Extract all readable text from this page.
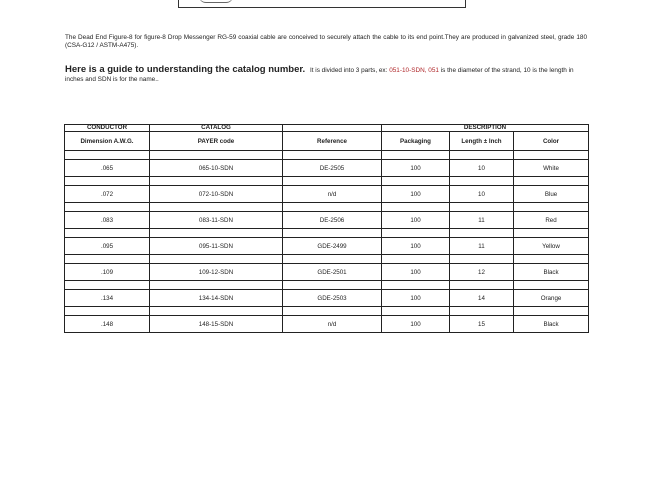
The Dead End Figure-8 for figure-8 Drop Messenger RG-59 coaxial cable are conceived to securely attach the cable to its end point.They are produced in galvanized steel, grade 180 (CSA-G12 / ASTM-A475).

Here is a guide to understanding the catalog number. It is divided into 3 parts, ex: 051-10-SDN, 051 is the diameter of the strand, 10 is the length in inches and SDN is for the name..

CONDUCTOR	CATALOG		DESCRIPTION		
Dimension A.W.G.	PAYER code	Reference	Packaging	Length ± Inch	Color

.065	065-10-SDN	DE-2505	100	10	White

.072	072-10-SDN	n/d	100	10	Blue

.083	083-11-SDN	DE-2506	100	11	Red

.095	095-11-SDN	GDE-2499	100	11	Yellow

.109	109-12-SDN	GDE-2501	100	12	Black

.134	134-14-SDN	GDE-2503	100	14	Orange

.148	148-15-SDN	n/d	100	15	Black
